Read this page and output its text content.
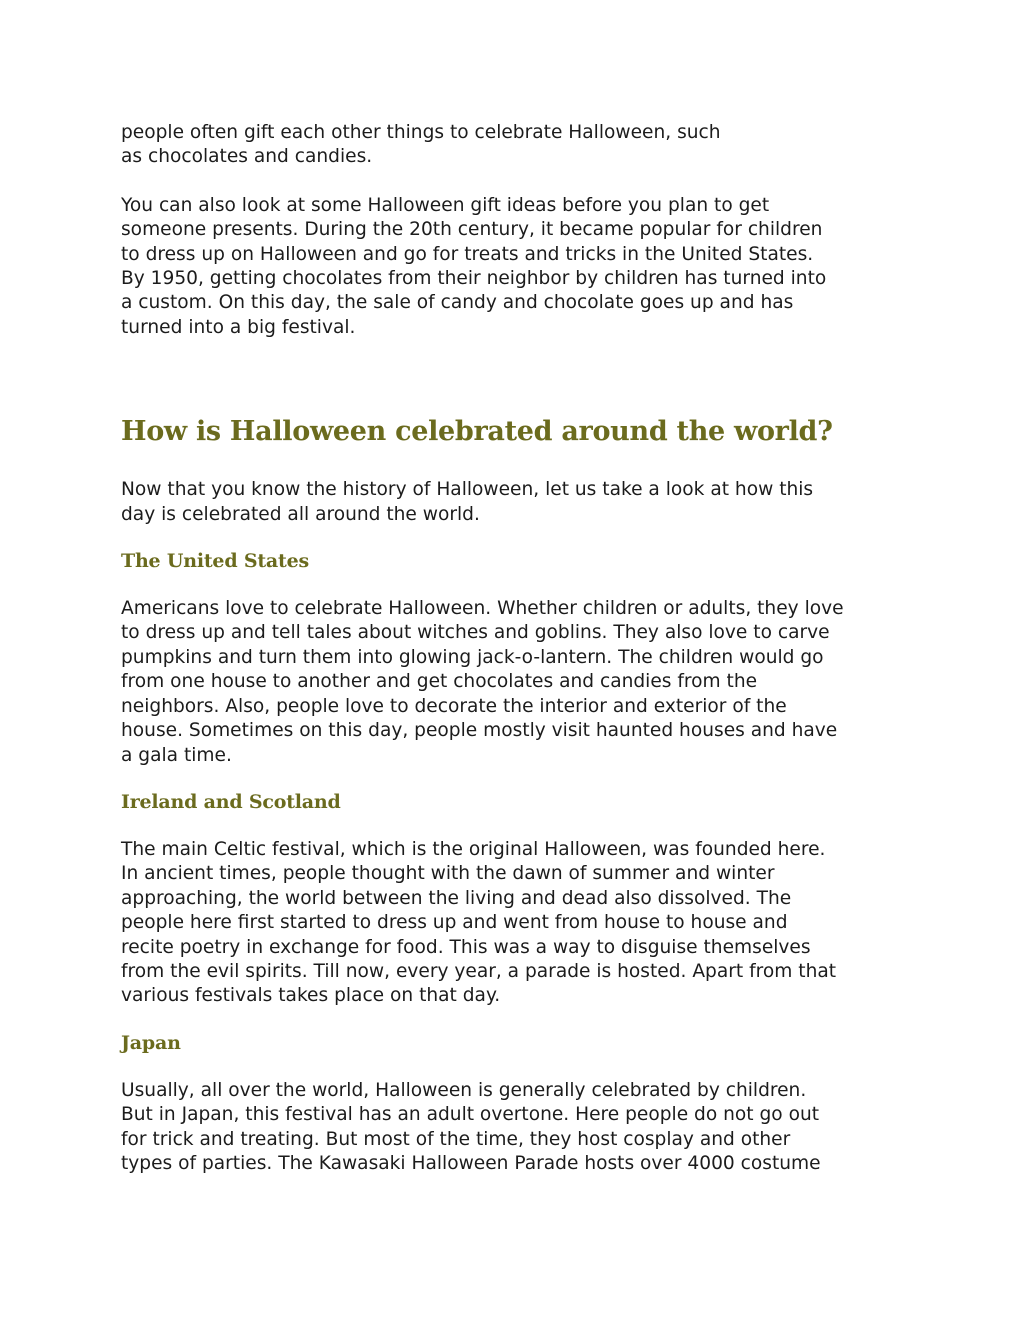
people often gift each other things to celebrate Halloween, such
as chocolates and candies.

You can also look at some Halloween gift ideas before you plan to get
someone presents. During the 20th century, it became popular for children
to dress up on Halloween and go for treats and tricks in the United States.
By 1950, getting chocolates from their neighbor by children has turned into
a custom. On this day, the sale of candy and chocolate goes up and has
turned into a big festival.

How is Halloween celebrated around the world?

Now that you know the history of Halloween, let us take a look at how this
day is celebrated all around the world.

The United States

Americans love to celebrate Halloween. Whether children or adults, they love
to dress up and tell tales about witches and goblins. They also love to carve
pumpkins and turn them into glowing jack-o-lantern. The children would go
from one house to another and get chocolates and candies from the
neighbors. Also, people love to decorate the interior and exterior of the
house. Sometimes on this day, people mostly visit haunted houses and have
a gala time.

Ireland and Scotland

The main Celtic festival, which is the original Halloween, was founded here.
In ancient times, people thought with the dawn of summer and winter
approaching, the world between the living and dead also dissolved. The
people here first started to dress up and went from house to house and
recite poetry in exchange for food. This was a way to disguise themselves
from the evil spirits. Till now, every year, a parade is hosted. Apart from that
various festivals takes place on that day.

Japan

Usually, all over the world, Halloween is generally celebrated by children.
But in Japan, this festival has an adult overtone. Here people do not go out
for trick and treating. But most of the time, they host cosplay and other
types of parties. The Kawasaki Halloween Parade hosts over 4000 costume
